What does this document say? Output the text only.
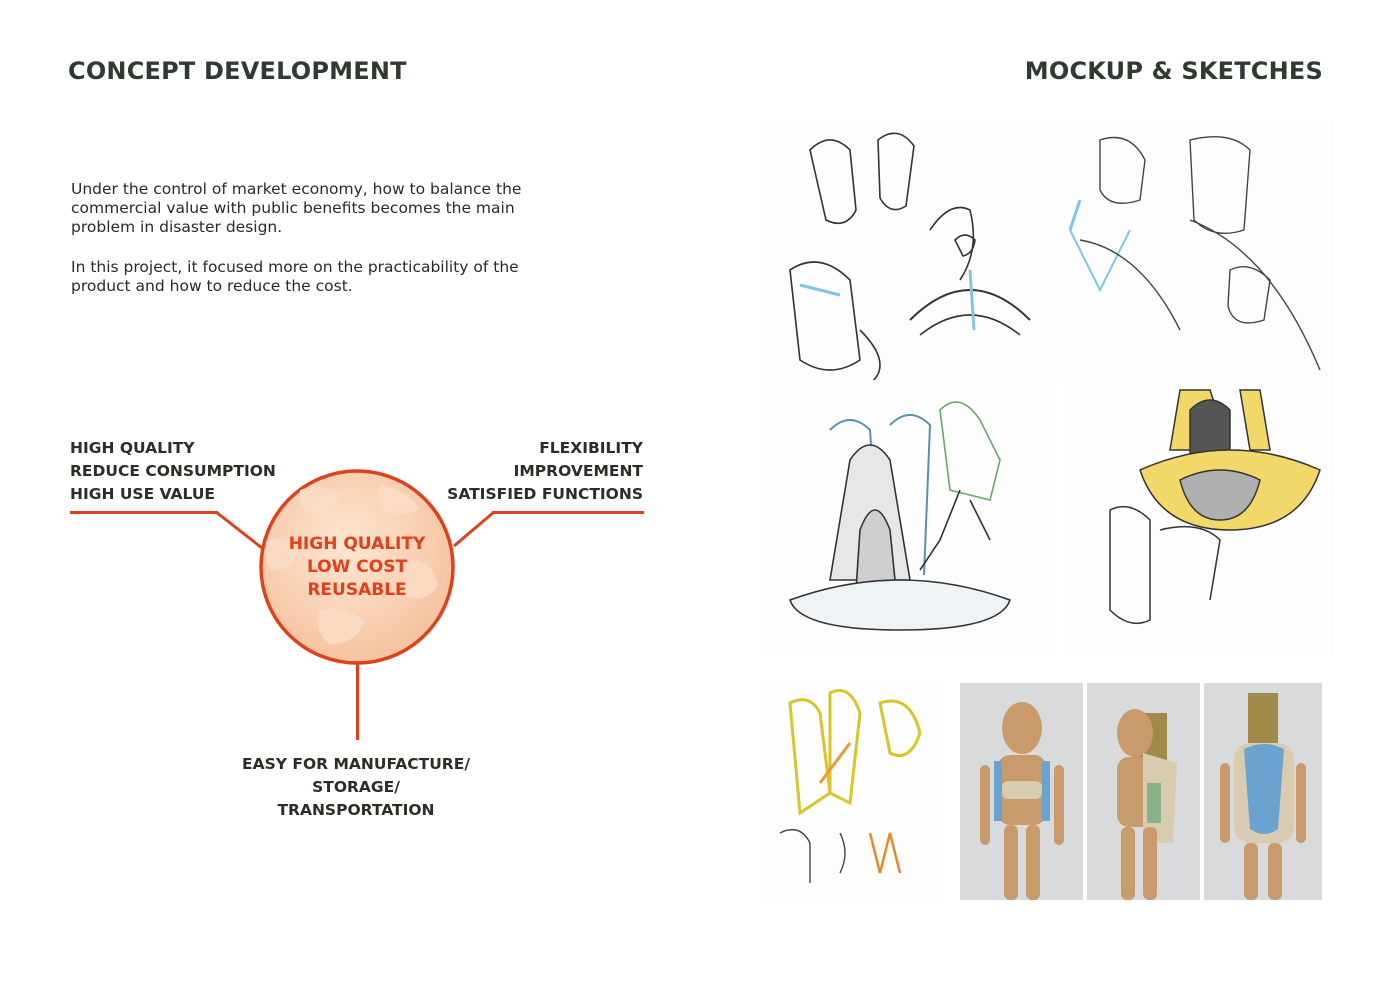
CONCEPT DEVELOPMENT
Under the control of market economy, how to balance the commercial value with public benefits becomes the main problem in disaster design.
In this project, it focused more on the practicability of the product and how to reduce the cost.
HIGH QUALITY
REDUCE CONSUMPTION
HIGH USE VALUE
FLEXIBILITY
IMPROVEMENT
SATISFIED FUNCTIONS
HIGH QUALITY
LOW COST
REUSABLE
EASY FOR MANUFACTURE/
STORAGE/
TRANSPORTATION
MOCKUP & SKETCHES
